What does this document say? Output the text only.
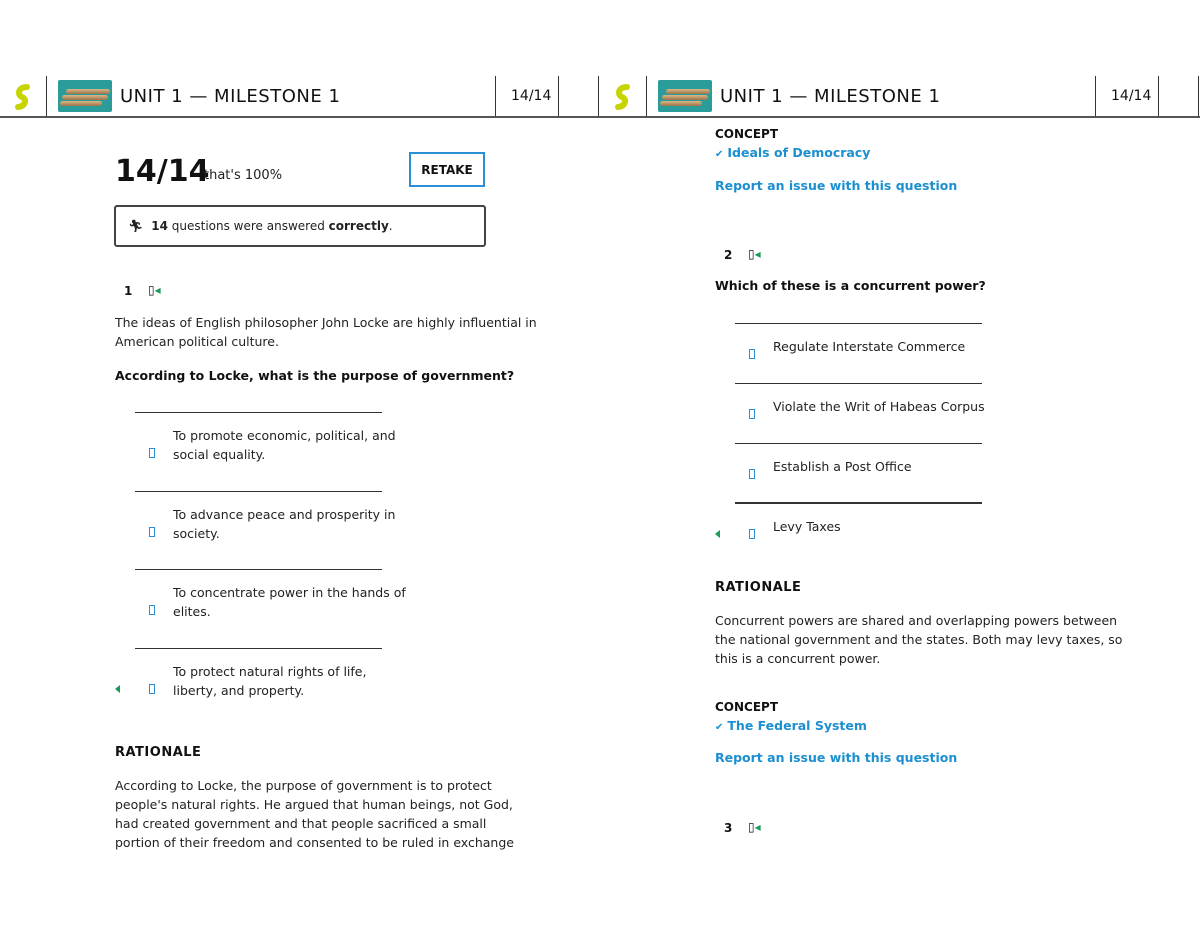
UNIT 1 — MILESTONE 1	14/14	UNIT 1 — MILESTONE 1	14/14
14/14
that's 100%	RETAKE
🏃︎ 14
questions were answered
correctly .
1 ▯◂
The ideas of English philosopher John Locke are highly influential in American political culture.
According to Locke, what is the purpose of government?
To promote economic, political, and social equality.
To advance peace and prosperity in society.
To concentrate power in the hands of elites.
To protect natural rights of life, liberty, and property.
RATIONALE
According to Locke, the purpose of government is to protect people's natural rights. He argued that human beings, not God, had created government and that people sacrificed a small portion of their freedom and consented to be ruled in exchange
CONCEPT
✔ Ideals of Democracy
Report an issue with this question
2 ▯◂
Which of these is a concurrent power?
Regulate Interstate Commerce
Violate the Writ of Habeas Corpus
Establish a Post Office
Levy Taxes
RATIONALE
Concurrent powers are shared and overlapping powers between the national government and the states. Both may levy taxes, so this is a concurrent power.
CONCEPT
✔ The Federal System
Report an issue with this question
3 ▯◂
